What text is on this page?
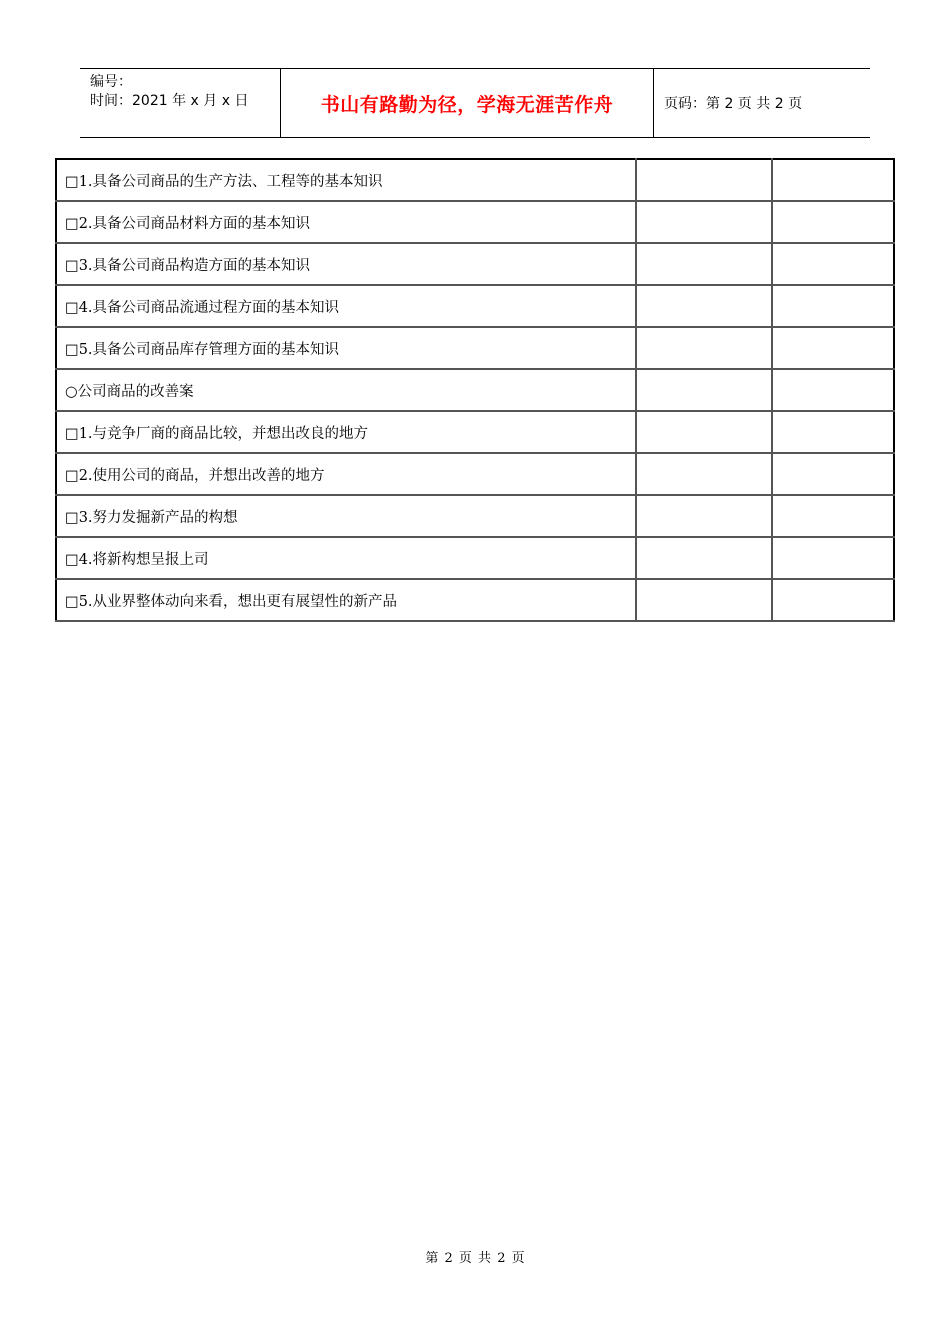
编号：
时间：2021 年 x 月 x 日	书山有路勤为径，学海无涯苦作舟	页码：第 2 页 共 2 页
□1.具备公司商品的生产方法、工程等的基本知识		
□2.具备公司商品材料方面的基本知识		
□3.具备公司商品构造方面的基本知识		
□4.具备公司商品流通过程方面的基本知识		
□5.具备公司商品库存管理方面的基本知识		
○公司商品的改善案		
□1.与竞争厂商的商品比较，并想出改良的地方		
□2.使用公司的商品，并想出改善的地方		
□3.努力发掘新产品的构想		
□4.将新构想呈报上司		
□5.从业界整体动向来看，想出更有展望性的新产品		
第 2 页 共 2 页
